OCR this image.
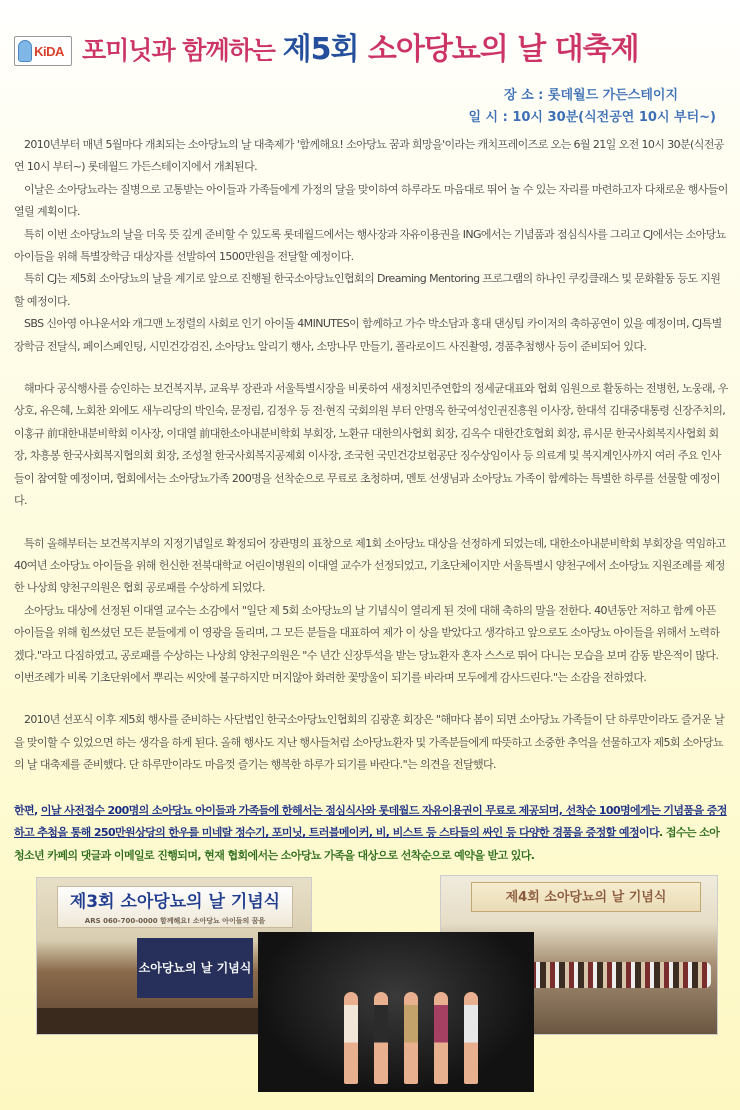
KiDA 포미닛과 함께하는 제5회 소아당뇨의 날 대축제
장 소 : 롯데월드 가든스테이지
일 시 : 10시 30분(식전공연 10시 부터~)

2010년부터 매년 5월마다 개최되는 소아당뇨의 날 대축제가 '함께해요! 소아당뇨 꿈과 희망을'이라는 캐치프레이즈로 오는 6월 21일 오전 10시 30분(식전공연 10시 부터~) 롯데월드 가든스테이지에서 개최된다.

이날은 소아당뇨라는 질병으로 고통받는 아이들과 가족들에게 가정의 달을 맞이하여 하루라도 마음대로 뛰어 놀 수 있는 자리를 마련하고자 다채로운 행사들이 열릴 계획이다.

특히 이번 소아당뇨의 날을 더욱 뜻 깊게 준비할 수 있도록 롯데월드에서는 행사장과 자유이용권을 ING에서는 기념품과 점심식사를 그리고 CJ에서는 소아당뇨 아이들을 위해 특별장학금 대상자를 선발하여 1500만원을 전달할 예정이다.

특히 CJ는 제5회 소아당뇨의 날을 계기로 앞으로 진행될 한국소아당뇨인협회의 Dreaming Mentoring 프로그램의 하나인 쿠킹클래스 및 문화활동 등도 지원할 예정이다.

SBS 신아영 아나운서와 개그맨 노정렬의 사회로 인기 아이돌 4MINUTES이 함께하고 가수 박소담과 홍대 댄싱팀 카이저의 축하공연이 있을 예정이며, CJ특별장학금 전달식, 페이스페인팅, 시민건강검진, 소아당뇨 알리기 행사, 소망나무 만들기, 폴라로이드 사진촬영, 경품추첨행사 등이 준비되어 있다.

해마다 공식행사를 승인하는 보건복지부, 교육부 장관과 서울특별시장을 비롯하여 새정치민주연합의 정세균대표와 협회 임원으로 활동하는 전병헌, 노웅래, 우상호, 유은혜, 노회찬 외에도 새누리당의 박인숙, 문정림, 김정우 등 전·현직 국회의원 부터 안명옥 한국여성인권진흥원 이사장, 한대석 김대중대통령 신장주치의, 이홍규 前대한내분비학회 이사장, 이대열 前대한소아내분비학회 부회장, 노환규 대한의사협회 회장, 김옥수 대한간호협회 회장, 류시문 한국사회복지사협회 회장, 차흥봉 한국사회복지협의회 회장, 조성철 한국사회복지공제회 이사장, 조국헌 국민건강보험공단 징수상임이사 등 의료계 및 복지계인사까지 여러 주요 인사들이 참여할 예정이며, 협회에서는 소아당뇨가족 200명을 선착순으로 무료로 초청하며, 멘토 선생님과 소아당뇨 가족이 함께하는 특별한 하루를 선물할 예정이다.

특히 올해부터는 보건복지부의 지정기념일로 확정되어 장관명의 표창으로 제1회 소아당뇨 대상을 선정하게 되었는데, 대한소아내분비학회 부회장을 역임하고 40여년 소아당뇨 아이들을 위해 헌신한 전북대학교 어린이병원의 이대열 교수가 선정되었고, 기초단체이지만 서울특별시 양천구에서 소아당뇨 지원조례를 제정한 나상희 양천구의원은 협회 공로패를 수상하게 되었다.

소아당뇨 대상에 선정된 이대열 교수는 소감에서 "일단 제 5회 소아당뇨의 날 기념식이 열리게 된 것에 대해 축하의 말을 전한다. 40년동안 저하고 함께 아픈 아이들을 위해 힘쓰셨던 모든 분들에게 이 영광을 돌리며, 그 모든 분들을 대표하여 제가 이 상을 받았다고 생각하고 앞으로도 소아당뇨 아이들을 위해서 노력하겠다."라고 다짐하였고, 공로패를 수상하는 나상희 양천구의원은 "수 년간 신장투석을 받는 당뇨환자 혼자 스스로 뛰어 다니는 모습을 보며 감동 받은적이 많다. 이번조례가 비록 기초단위에서 뿌리는 씨앗에 불구하지만 머지않아 화려한 꽃망울이 되기를 바라며 모두에게 감사드린다."는 소감을 전하였다.

2010년 선포식 이후 제5회 행사를 준비하는 사단법인 한국소아당뇨인협회의 김광훈 회장은 "해마다 봄이 되면 소아당뇨 가족들이 단 하루만이라도 즐거운 날을 맞이할 수 있었으면 하는 생각을 하게 된다. 올해 행사도 지난 행사들처럼 소아당뇨환자 및 가족분들에게 따뜻하고 소중한 추억을 선물하고자 제5회 소아당뇨의 날 대축제를 준비했다. 단 하루만이라도 마음껏 즐기는 행복한 하루가 되기를 바란다."는 의견을 전달했다.

한편, 이날 사전접수 200명의 소아당뇨 아이들과 가족들에 한해서는 점심식사와 롯데월드 자유이용권이 무료로 제공되며, 선착순 100명에게는 기념품을 증정하고 추첨을 통해 250만원상당의 한우를 미네랄 정수기, 포미닛, 트러블메이커, 비, 비스트 등 스타들의 싸인 등 다양한 경품을 증정할 예정이다. 접수는 소아청소년 카페의 댓글과 이메일로 진행되며, 현재 협회에서는 소아당뇨 가족을 대상으로 선착순으로 예약을 받고 있다.
제3회 소아당뇨의 날 기념식
ARS 060-700-0000 함께해요! 소아당뇨 아이들의 꿈을
소아당뇨의 날 기념식
제4회 소아당뇨의 날 기념식
